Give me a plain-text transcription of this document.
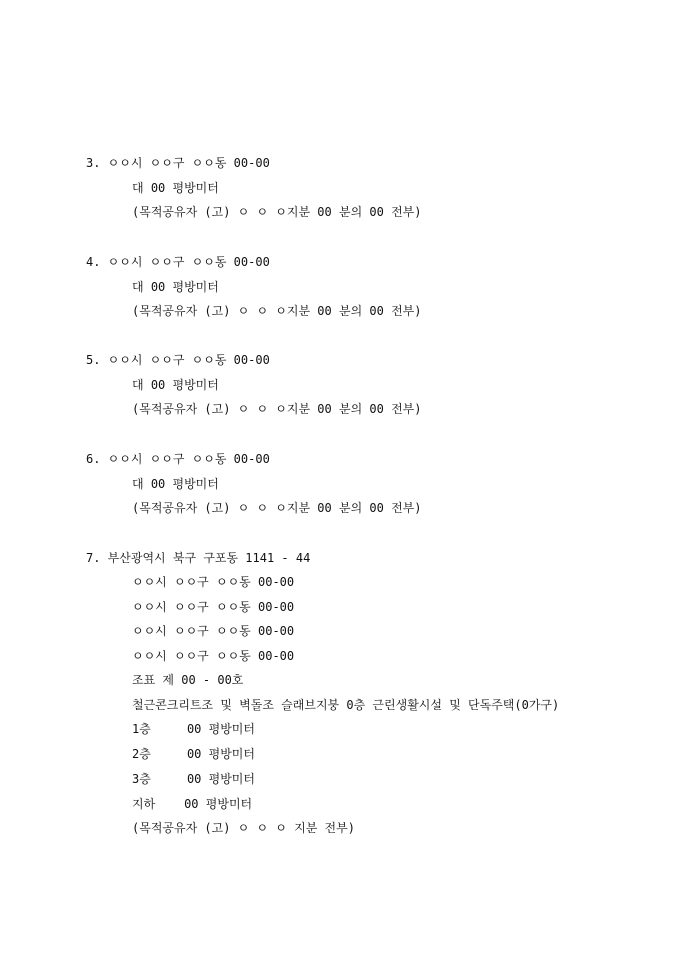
3. ㅇㅇ시 ㅇㅇ구 ㅇㅇ동 00-00
대 00 평방미터
(목적공유자 (고) ㅇ ㅇ ㅇ지분 00 분의 00 전부)
4. ㅇㅇ시 ㅇㅇ구 ㅇㅇ동 00-00
대 00 평방미터
(목적공유자 (고) ㅇ ㅇ ㅇ지분 00 분의 00 전부)
5. ㅇㅇ시 ㅇㅇ구 ㅇㅇ동 00-00
대 00 평방미터
(목적공유자 (고) ㅇ ㅇ ㅇ지분 00 분의 00 전부)
6. ㅇㅇ시 ㅇㅇ구 ㅇㅇ동 00-00
대 00 평방미터
(목적공유자 (고) ㅇ ㅇ ㅇ지분 00 분의 00 전부)
7. 부산광역시 북구 구포동 1141 - 44
ㅇㅇ시 ㅇㅇ구 ㅇㅇ동 00-00
ㅇㅇ시 ㅇㅇ구 ㅇㅇ동 00-00
ㅇㅇ시 ㅇㅇ구 ㅇㅇ동 00-00
ㅇㅇ시 ㅇㅇ구 ㅇㅇ동 00-00
조표 제 00 - 00호
철근콘크리트조 및 벽돌조 슬래브지붕 0층 근린생활시설 및 단독주택(0가구)
1층     00 평방미터
2층     00 평방미터
3층     00 평방미터
지하    00 평방미터
(목적공유자 (고) ㅇ ㅇ ㅇ 지분 전부)
